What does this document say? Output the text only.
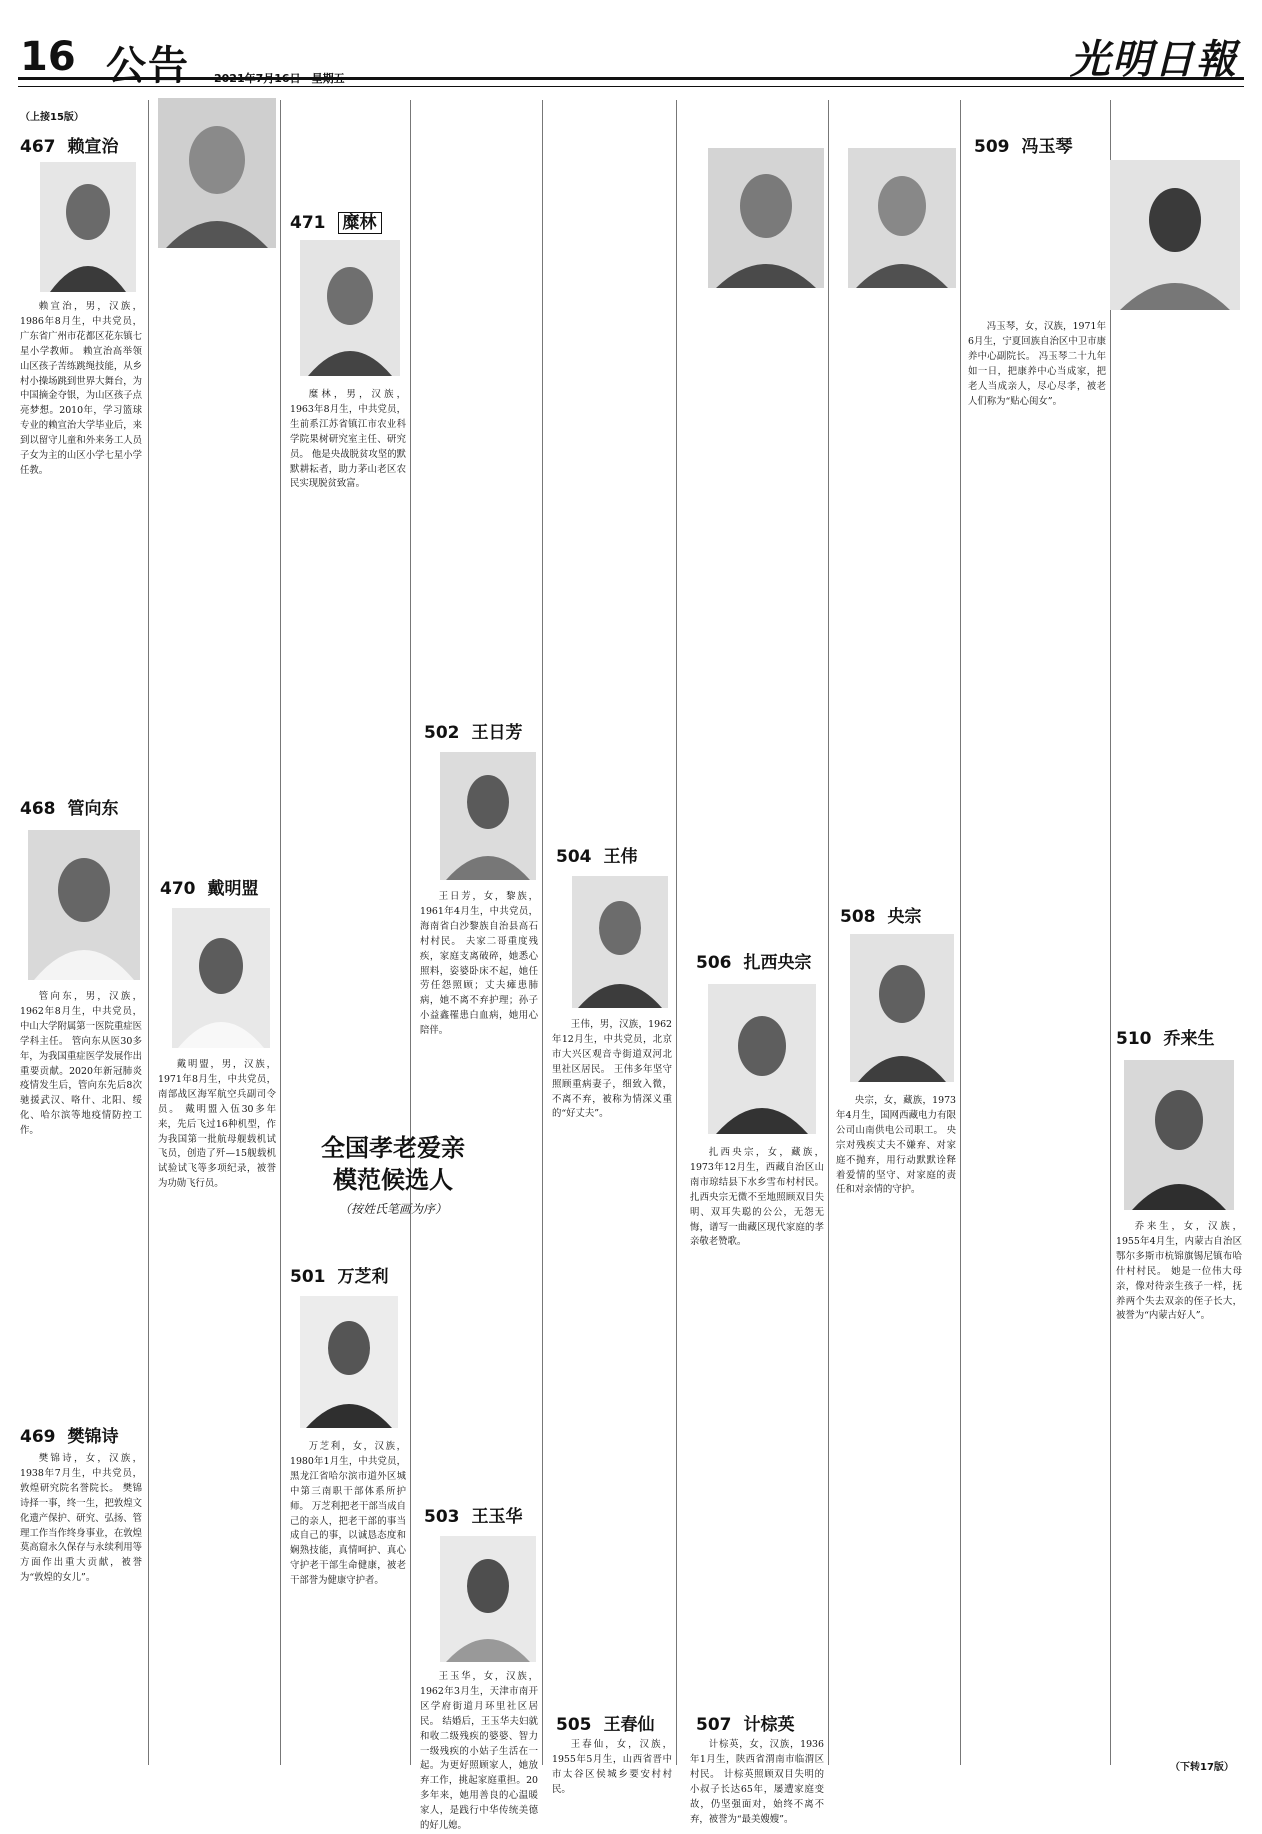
16 公告 2021年7月16日　星期五	光明日報
（上接15版）
（下转17版）
467 赖宣治

赖宣治，男，汉族，1986年8月生，中共党员，广东省广州市花都区花东镇七星小学教师。 赖宣治高举领山区孩子苦练跳绳技能，从乡村小操场跳到世界大舞台，为中国摘金夺银，为山区孩子点亮梦想。2010年，学习篮球专业的赖宣治大学毕业后，来到以留守儿童和外来务工人员子女为主的山区小学七星小学任教。

468 管向东

管向东，男，汉族，1962年8月生，中共党员，中山大学附属第一医院重症医学科主任。 管向东从医30多年，为我国重症医学发展作出重要贡献。2020年新冠肺炎疫情发生后，管向东先后8次驰援武汉、咯什、北阳、绥化、哈尔滨等地疫情防控工作。

469 樊锦诗

樊锦诗，女，汉族，1938年7月生，中共党员，敦煌研究院名誉院长。 樊锦诗择一事，终一生，把敦煌文化遗产保护、研究、弘扬、管理工作当作终身事业，在敦煌莫高窟永久保存与永续利用等方面作出重大贡献，被誉为“敦煌的女儿”。

470 戴明盟

戴明盟，男，汉族，1971年8月生，中共党员，南部战区海军航空兵副司令员。 戴明盟入伍30多年来，先后飞过16种机型，作为我国第一批航母舰载机试飞员，创造了歼—15舰载机试验试飞等多项纪录，被誉为功勋飞行员。

471 糜林

糜林，男，汉族，1963年8月生，中共党员，生前系江苏省镇江市农业科学院果树研究室主任、研究员。 他是央战脱贫攻坚的默默耕耘者，助力茅山老区农民实现脱贫致富。

全国孝老爱亲
模范候选人
（按姓氏笔画为序）
501 万芝利

万芝利，女，汉族，1980年1月生，中共党员，黑龙江省哈尔滨市道外区城中第三南职干部体系所护师。 万芝利把老干部当成自己的亲人，把老干部的事当成自己的事，以诚恳态度和娴熟技能，真情呵护、真心守护老干部生命健康，被老干部誉为健康守护者。

502 王日芳

王日芳，女，黎族，1961年4月生，中共党员，海南省白沙黎族自治县高石村村民。 夫家二哥重度残疾，家庭支离破碎，她悉心照料，姿婆卧床不起，她任劳任怨照顾；丈夫瘫患肺病，她不离不弃护理；孙子小益鑫罹患白血病，她用心陪伴。

503 王玉华

王玉华，女，汉族，1962年3月生，天津市南开区学府街道月环里社区居民。 结婚后，王玉华夫妇就和收二级残疾的婆婆、智力一级残疾的小姑子生活在一起。为更好照顾家人，她放弃工作，挑起家庭重担。20多年来，她用善良的心温暖家人，是践行中华传统美德的好儿媳。

504 王伟

王伟，男，汉族，1962年12月生，中共党员，北京市大兴区观音寺街道双河北里社区居民。 王伟多年坚守照顾重病妻子，细致入微，不离不弃，被称为情深义重的“好丈夫”。

505 王春仙

王春仙，女，汉族，1955年5月生，山西省晋中市太谷区侯城乡要安村村民。

506 扎西央宗

扎西央宗，女，藏族，1973年12月生，西藏自治区山南市琼结县下水乡雪布村村民。 扎西央宗无微不至地照顾双目失明、双耳失聪的公公，无怨无悔，谱写一曲藏区现代家庭的孝亲敬老赞歌。

507 计棕英

计棕英，女，汉族，1936年1月生，陕西省渭南市临渭区村民。 计棕英照顾双目失明的小叔子长达65年，屡遭家庭变故，仍坚强面对，始终不离不弃，被誉为“最美嫂嫂”。

508 央宗

央宗，女，藏族，1973年4月生，国网西藏电力有限公司山南供电公司职工。 央宗对残疾丈夫不嫌弃、对家庭不抛弃，用行动默默诠释着爱情的坚守、对家庭的责任和对亲情的守护。

509 冯玉琴

冯玉琴，女，汉族，1971年6月生，宁夏回族自治区中卫市康养中心副院长。 冯玉琴二十九年如一日，把康养中心当成家，把老人当成亲人，尽心尽孝，被老人们称为“贴心闺女”。

510 乔来生

乔来生，女，汉族，1955年4月生，内蒙古自治区鄂尔多斯市杭锦旗锡尼镇布哈什村村民。 她是一位伟大母亲，像对待亲生孩子一样，抚养两个失去双亲的侄子长大，被誉为“内蒙古好人”。
